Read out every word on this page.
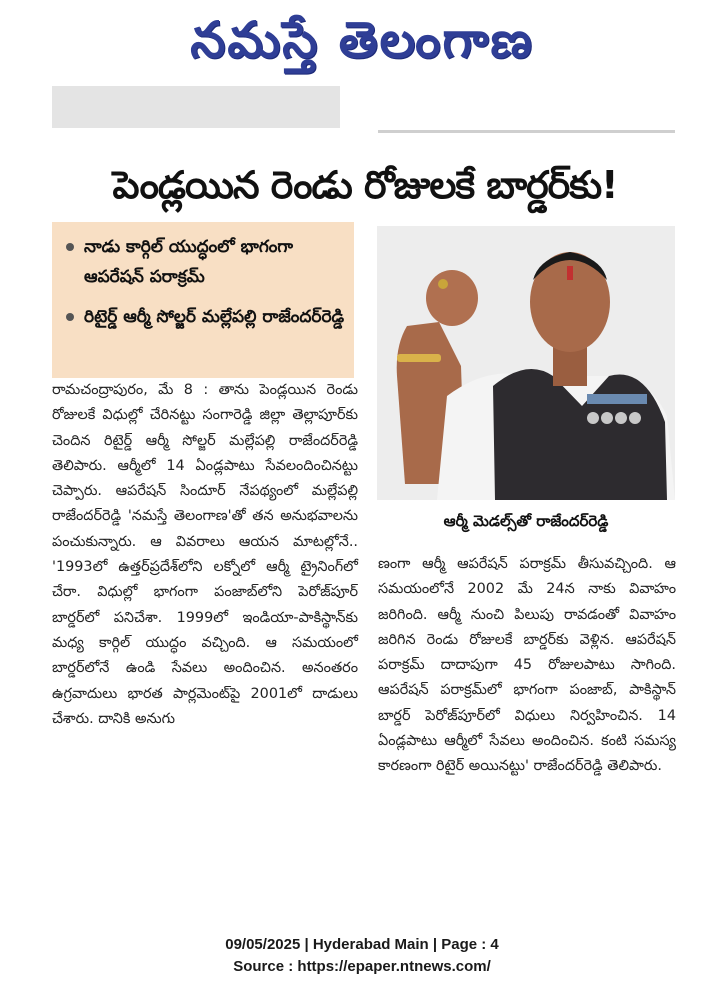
నమస్తే తెలంగాణ
పెండ్లయిన రెండు రోజులకే బార్డర్‌కు!
నాడు కార్గిల్ యుద్ధంలో భాగంగా ఆపరేషన్ పరాక్రమ్
రిటైర్డ్ ఆర్మీ సోల్జర్ మల్లేపల్లి రాజేందర్‌రెడ్డి
ఆర్మీ మెడల్స్‌తో రాజేందర్‌రెడ్డి

రామచంద్రాపురం, మే 8 : తాను పెండ్లయిన రెండు రోజులకే విధుల్లో చేరినట్టు సంగారెడ్డి జిల్లా తెల్లాపూర్‌కు చెందిన రిటైర్డ్ ఆర్మీ సోల్జర్ మల్లేపల్లి రాజేందర్‌రెడ్డి తెలిపారు. ఆర్మీలో 14 ఏండ్లపాటు సేవలందించినట్టు చెప్పారు. ఆపరేషన్ సిందూర్ నేపథ్యంలో మల్లేపల్లి రాజేందర్‌రెడ్డి 'నమస్తే తెలంగాణ'తో తన అనుభవాలను పంచుకున్నారు. ఆ వివరాలు ఆయన మాటల్లోనే.. '1993లో ఉత్తర్‌ప్రదేశ్‌లోని లక్నోలో ఆర్మీ ట్రైనింగ్‌లో చేరా. విధుల్లో భాగంగా పంజాబ్‌లోని పెరోజ్‌పూర్ బార్డర్‌లో పనిచేశా. 1999లో ఇండియా-పాకిస్థాన్‌కు మధ్య కార్గిల్ యుద్ధం వచ్చింది. ఆ సమయంలో బార్డర్‌లోనే ఉండి సేవలు అందించిన. అనంతరం ఉగ్రవాదులు భారత పార్లమెంట్‌పై 2001లో దాడులు చేశారు. దానికి అనుగు

ణంగా ఆర్మీ ఆపరేషన్ పరాక్రమ్ తీసువచ్చింది. ఆ సమయంలోనే 2002 మే 24న నాకు వివాహం జరిగింది. ఆర్మీ నుంచి పిలుపు రావడంతో వివాహం జరిగిన రెండు రోజులకే బార్డర్‌కు వెళ్లిన. ఆపరేషన్ పరాక్రమ్ దాదాపుగా 45 రోజులపాటు సాగింది. ఆపరేషన్ పరాక్రమ్‌లో భాగంగా పంజాబ్, పాకిస్థాన్ బార్డర్ పెరోజ్‌పూర్‌లో విధులు నిర్వహించిన. 14 ఏండ్లపాటు ఆర్మీలో సేవలు అందించిన. కంటి సమస్య కారణంగా రిటైర్ అయినట్టు' రాజేందర్‌రెడ్డి తెలిపారు.

09/05/2025 | Hyderabad Main | Page : 4
Source : https://epaper.ntnews.com/
